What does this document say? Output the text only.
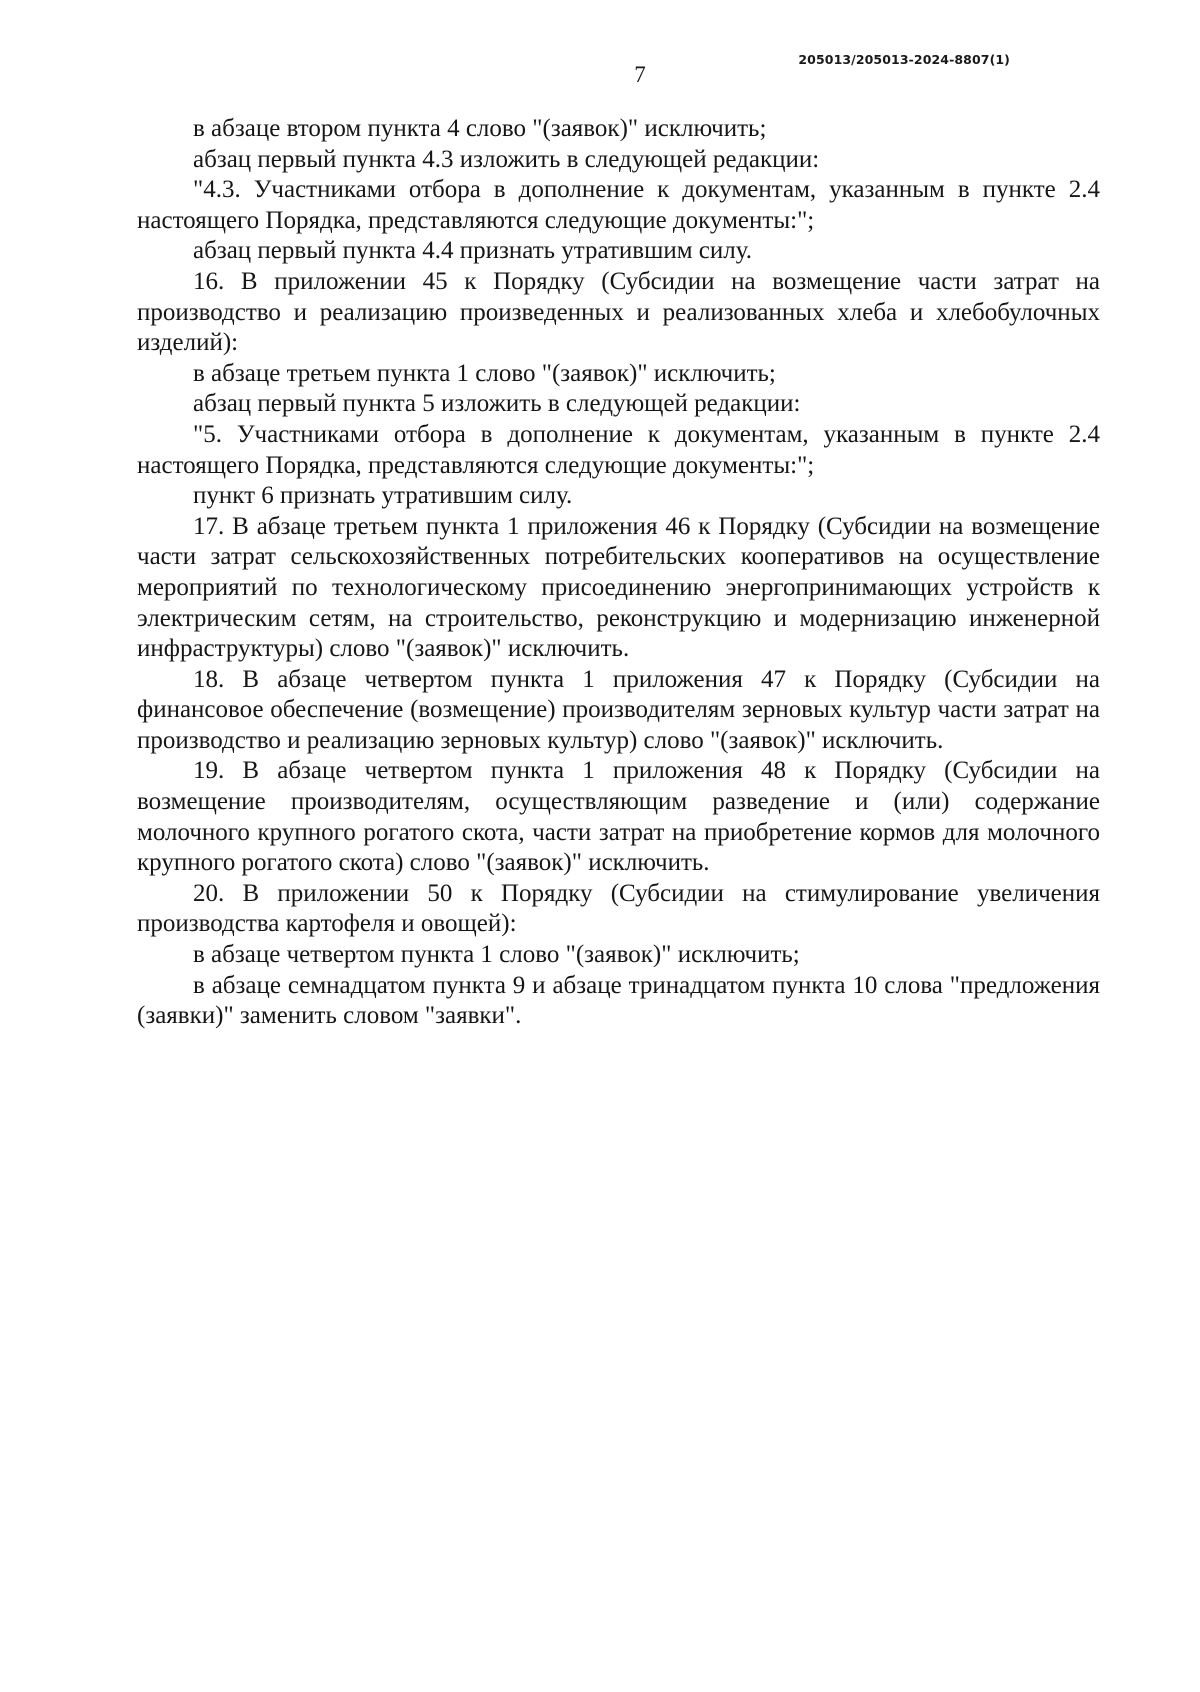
205013/205013-2024-8807(1)
7

в абзаце втором пункта 4 слово "(заявок)" исключить;

абзац первый пункта 4.3 изложить в следующей редакции:

"4.3. Участниками отбора в дополнение к документам, указанным в пункте 2.4 настоящего Порядка, представляются следующие документы:";

абзац первый пункта 4.4 признать утратившим силу.

16. В приложении 45 к Порядку (Субсидии на возмещение части затрат на производство и реализацию произведенных и реализованных хлеба и хлебобулочных изделий):

в абзаце третьем пункта 1 слово "(заявок)" исключить;

абзац первый пункта 5 изложить в следующей редакции:

"5. Участниками отбора в дополнение к документам, указанным в пункте 2.4 настоящего Порядка, представляются следующие документы:";

пункт 6 признать утратившим силу.

17. В абзаце третьем пункта 1 приложения 46 к Порядку (Субсидии на возмещение части затрат сельскохозяйственных потребительских кооперативов на осуществление мероприятий по технологическому присоединению энергопринимающих устройств к электрическим сетям, на строительство, реконструкцию и модернизацию инженерной инфраструктуры) слово "(заявок)" исключить.

18. В абзаце четвертом пункта 1 приложения 47 к Порядку (Субсидии на финансовое обеспечение (возмещение) производителям зерновых культур части затрат на производство и реализацию зерновых культур) слово "(заявок)" исключить.

19. В абзаце четвертом пункта 1 приложения 48 к Порядку (Субсидии на возмещение производителям, осуществляющим разведение и (или) содержание молочного крупного рогатого скота, части затрат на приобретение кормов для молочного крупного рогатого скота) слово "(заявок)" исключить.

20. В приложении 50 к Порядку (Субсидии на стимулирование увеличения производства картофеля и овощей):

в абзаце четвертом пункта 1 слово "(заявок)" исключить;

в абзаце семнадцатом пункта 9 и абзаце тринадцатом пункта 10 слова "предложения (заявки)" заменить словом "заявки".
